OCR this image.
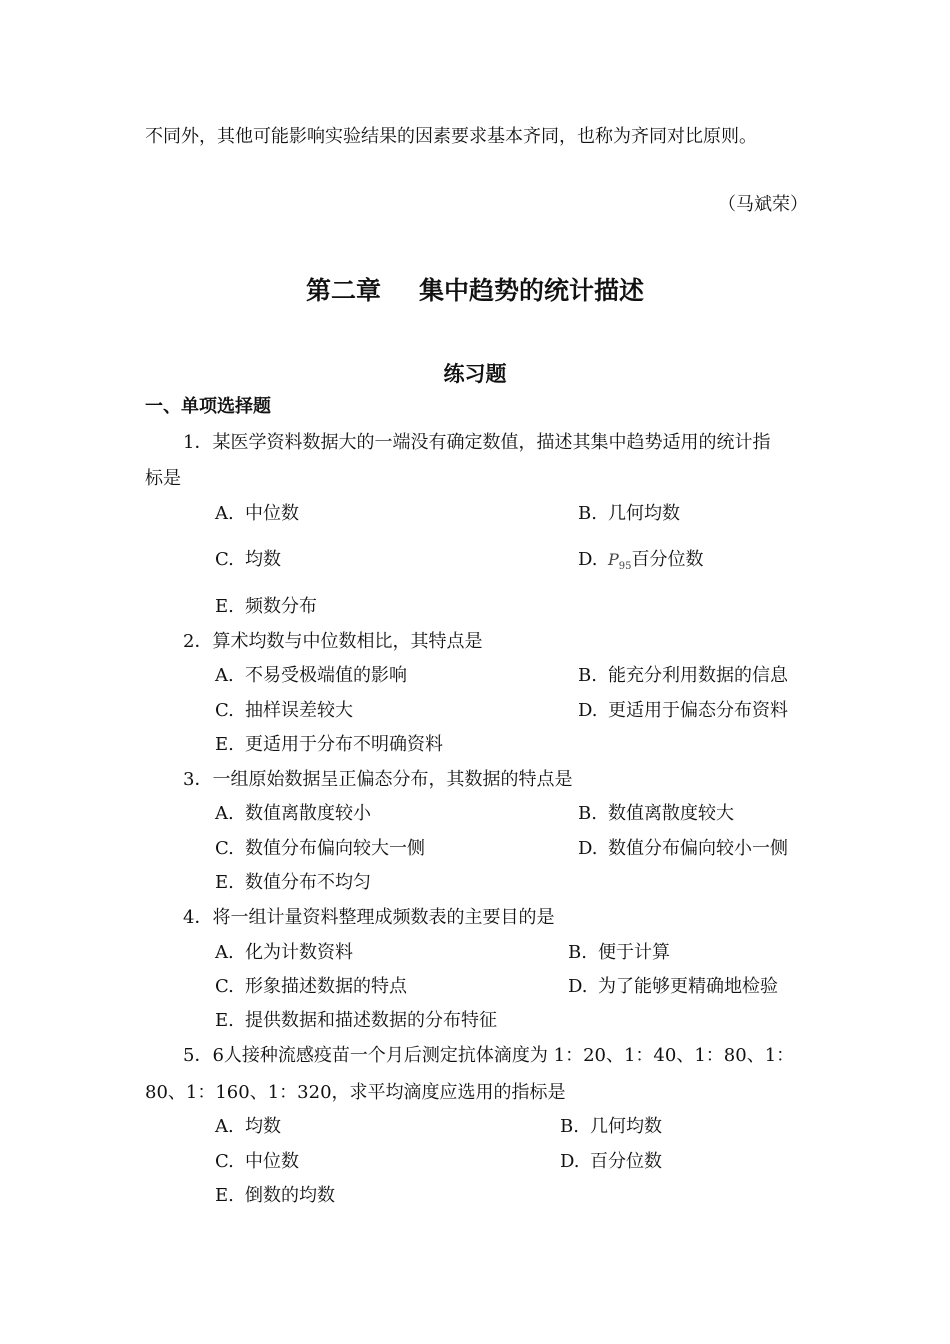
不同外，其他可能影响实验结果的因素要求基本齐同，也称为齐同对比原则。
（马斌荣）
第二章 集中趋势的统计描述
练习题
一、单项选择题
1．某医学资料数据大的一端没有确定数值，描述其集中趋势适用的统计指
标是
A. 中位数	B. 几何均数
C. 均数	D. $P_{95}$百分位数
E. 频数分布
2．算术均数与中位数相比，其特点是
A. 不易受极端值的影响	B. 能充分利用数据的信息
C. 抽样误差较大	D. 更适用于偏态分布资料
E. 更适用于分布不明确资料
3．一组原始数据呈正偏态分布，其数据的特点是
A. 数值离散度较小	B. 数值离散度较大
C. 数值分布偏向较大一侧	D. 数值分布偏向较小一侧
E. 数值分布不均匀
4．将一组计量资料整理成频数表的主要目的是
A. 化为计数资料	B. 便于计算
C. 形象描述数据的特点	D. 为了能够更精确地检验
E. 提供数据和描述数据的分布特征
5．6人接种流感疫苗一个月后测定抗体滴度为 1：20、1：40、1：80、1：
80、1：160、1：320，求平均滴度应选用的指标是
A. 均数	B. 几何均数
C. 中位数	D. 百分位数
E. 倒数的均数
